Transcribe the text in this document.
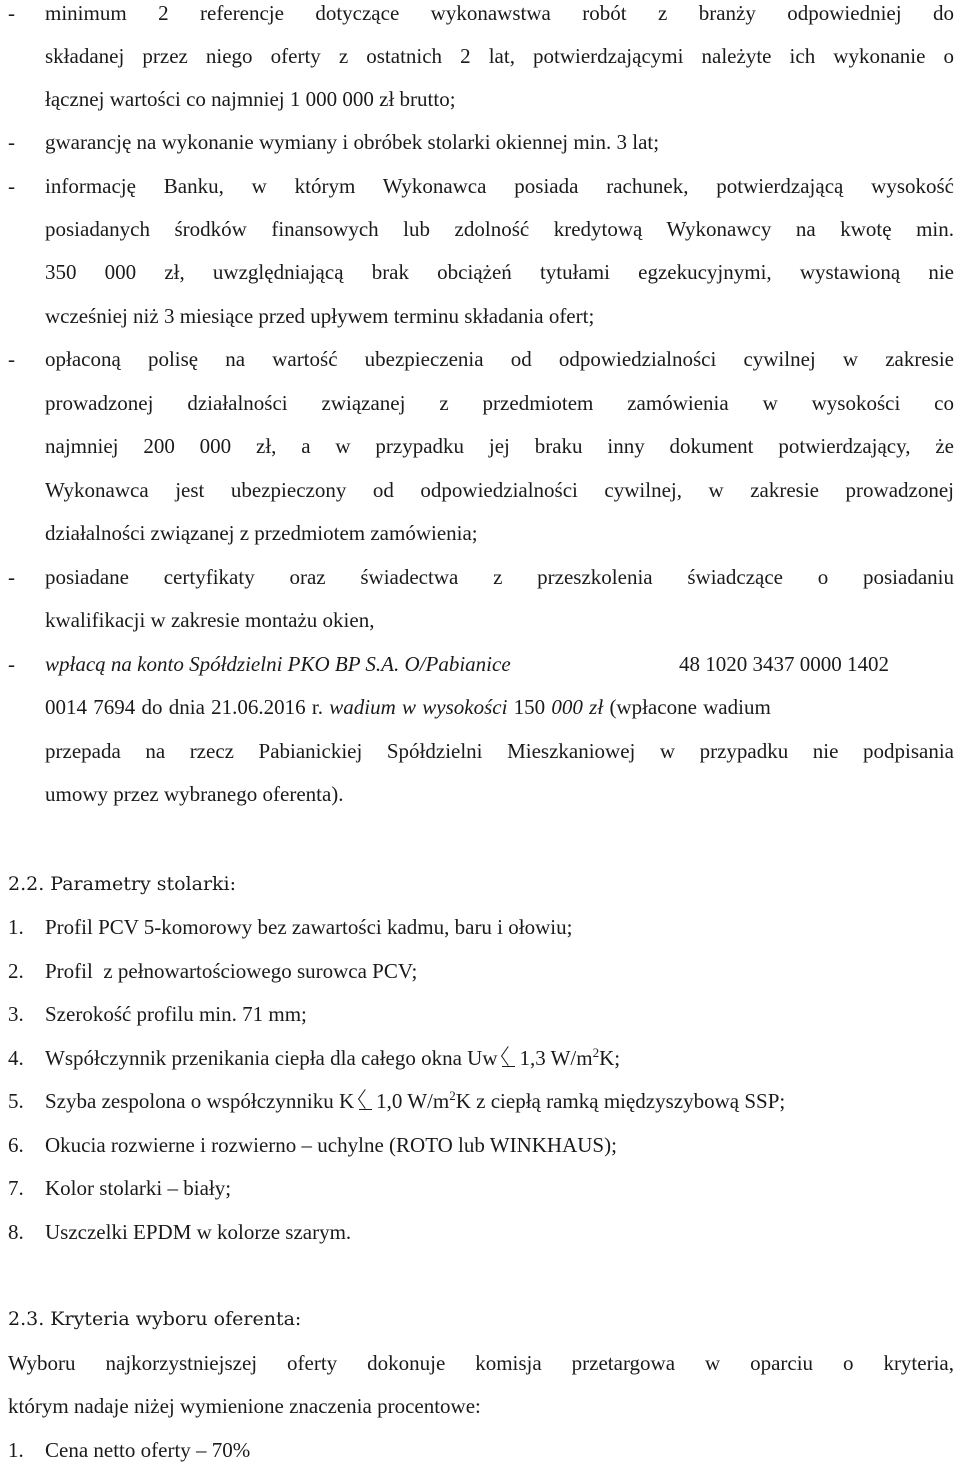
- minimum 2 referencje dotyczące wykonawstwa robót z branży odpowiedniej do
składanej przez niego oferty z ostatnich 2 lat, potwierdzającymi należyte ich wykonanie o
łącznej wartości co najmniej 1 000 000 zł brutto;
- gwarancję na wykonanie wymiany i obróbek stolarki okiennej min. 3 lat;
- informację Banku, w którym Wykonawca posiada rachunek, potwierdzającą wysokość
posiadanych środków finansowych lub zdolność kredytową Wykonawcy na kwotę min.
350 000 zł, uwzględniającą brak obciążeń tytułami egzekucyjnymi, wystawioną nie
wcześniej niż 3 miesiące przed upływem terminu składania ofert;
- opłaconą polisę na wartość ubezpieczenia od odpowiedzialności cywilnej w zakresie
prowadzonej działalności związanej z przedmiotem zamówienia w wysokości co
najmniej 200 000 zł, a w przypadku jej braku inny dokument potwierdzający, że
Wykonawca jest ubezpieczony od odpowiedzialności cywilnej, w zakresie prowadzonej
działalności związanej z przedmiotem zamówienia;
- posiadane certyfikaty oraz świadectwa z przeszkolenia świadczące o posiadaniu
kwalifikacji w zakresie montażu okien,
- wpłacą na konto Spółdzielni PKO BP S.A. O/Pabianice	48 1020 3437 0000 1402
0014 7694 do dnia 21.06.2016 r. wadium w wysokości 150 000 zł (wpłacone wadium
przepada na rzecz Pabianickiej Spółdzielni Mieszkaniowej w przypadku nie podpisania
umowy przez wybranego oferenta).
2.2. Parametry stolarki:
1. Profil PCV 5-komorowy bez zawartości kadmu, baru i ołowiu;
2. Profil  z pełnowartościowego surowca PCV;
3. Szerokość profilu min. 71 mm;
4. Współczynnik przenikania ciepła dla całego okna Uw 1,3 $W/m^2K$;
5. Szyba zespolona o współczynniku K 1,0 $W/m^2K$ z ciepłą ramką międzyszybową SSP;
6. Okucia rozwierne i rozwierno – uchylne (ROTO lub WINKHAUS);
7. Kolor stolarki – biały;
8. Uszczelki EPDM w kolorze szarym.
2.3. Kryteria wyboru oferenta:
Wyboru najkorzystniejszej oferty dokonuje komisja przetargowa w oparciu o kryteria,
którym nadaje niżej wymienione znaczenia procentowe:
1. Cena netto oferty – 70%
